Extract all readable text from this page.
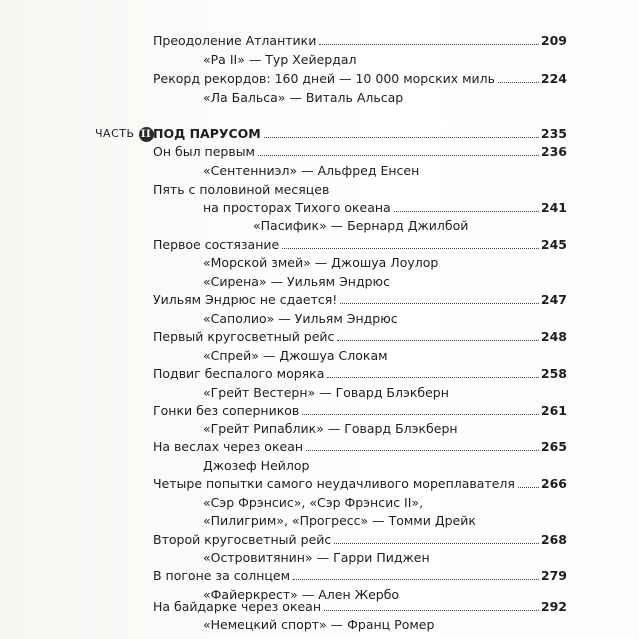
Преодоление Атлантики	209
«Ра II» — Тур Хейердал
Рекорд рекордов: 160 дней — 10 000 морских миль	224
«Ла Бальса» — Виталь Альсар
ЧАСТЬ II ПОД ПАРУСОМ	235
Он был первым	236
«Сентенниэл» — Альфред Енсен
Пять с половиной месяцев
на просторах Тихого океана	241
«Пасифик» — Бернард Джилбой
Первое состязание	245
«Морской змей» — Джошуа Лоулор
«Сирена» — Уильям Эндрюс
Уильям Эндрюс не сдается!	247
«Саполио» — Уильям Эндрюс
Первый кругосветный рейс	248
«Спрей» — Джошуа Слокам
Подвиг беспалого моряка	258
«Грейт Вестерн» — Говард Блэкберн
Гонки без соперников	261
«Грейт Рипаблик» — Говард Блэкберн
На веслах через океан	265
Джозеф Нейлор
Четыре попытки самого неудачливого мореплавателя 266
«Сэр Фрэнсис», «Сэр Фрэнсис II»,
«Пилигрим», «Прогресс» — Томми Дрейк
Второй кругосветный рейс	268
«Островитянин» — Гарри Пиджен
В погоне за солнцем	279
«Файеркрест» — Ален Жербо
На байдарке через океан	292
«Немецкий спорт» — Франц Ромер
